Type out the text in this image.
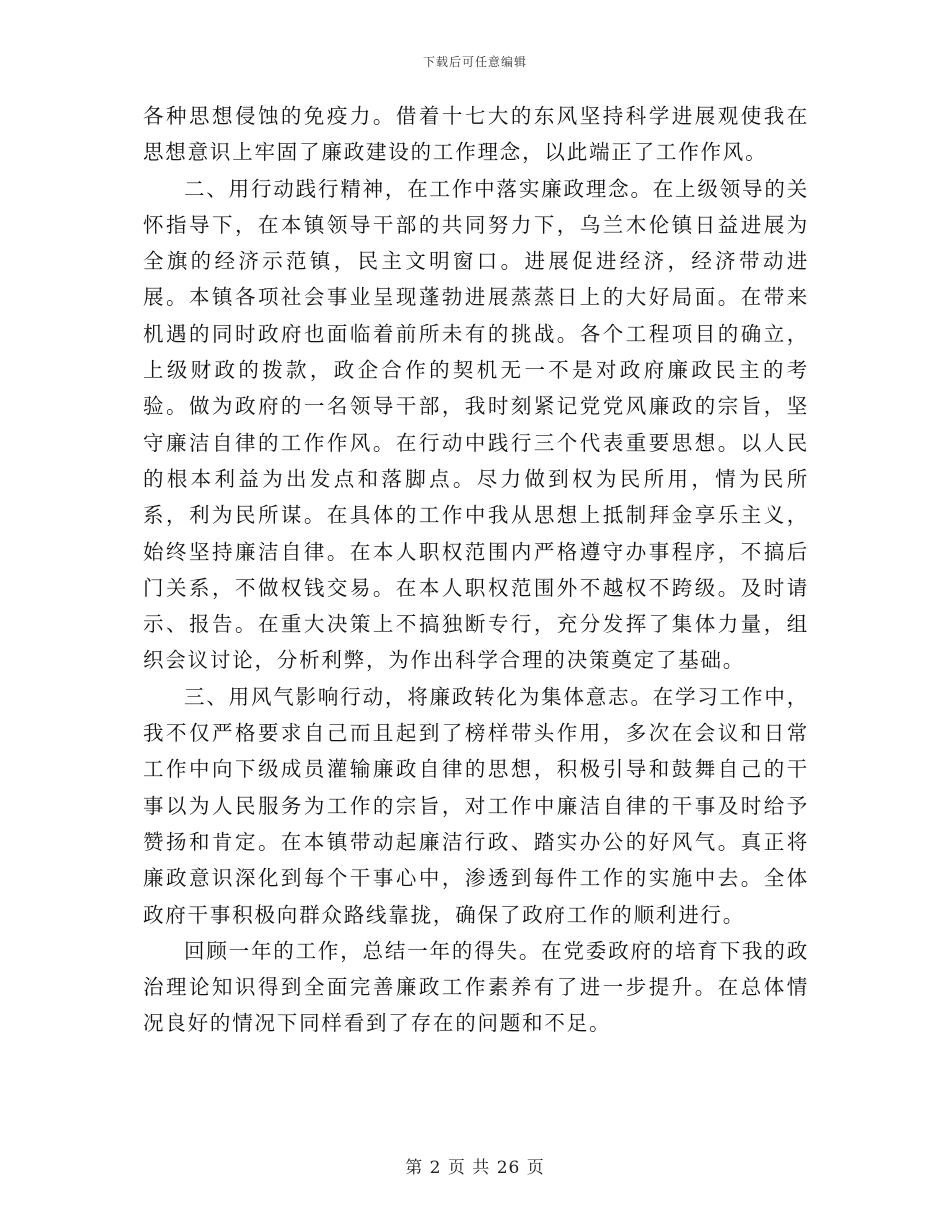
下载后可任意编辑

各种思想侵蚀的免疫力。借着十七大的东风坚持科学进展观使我在思想意识上牢固了廉政建设的工作理念，以此端正了工作作风。

二、用行动践行精神，在工作中落实廉政理念。在上级领导的关怀指导下，在本镇领导干部的共同努力下，乌兰木伦镇日益进展为全旗的经济示范镇，民主文明窗口。进展促进经济，经济带动进展。本镇各项社会事业呈现蓬勃进展蒸蒸日上的大好局面。在带来机遇的同时政府也面临着前所未有的挑战。各个工程项目的确立，上级财政的拨款，政企合作的契机无一不是对政府廉政民主的考验。做为政府的一名领导干部，我时刻紧记党党风廉政的宗旨，坚守廉洁自律的工作作风。在行动中践行三个代表重要思想。以人民的根本利益为出发点和落脚点。尽力做到权为民所用，情为民所系，利为民所谋。在具体的工作中我从思想上抵制拜金享乐主义，始终坚持廉洁自律。在本人职权范围内严格遵守办事程序，不搞后门关系，不做权钱交易。在本人职权范围外不越权不跨级。及时请示、报告。在重大决策上不搞独断专行，充分发挥了集体力量，组织会议讨论，分析利弊，为作出科学合理的决策奠定了基础。

三、用风气影响行动，将廉政转化为集体意志。在学习工作中，我不仅严格要求自己而且起到了榜样带头作用，多次在会议和日常工作中向下级成员灌输廉政自律的思想，积极引导和鼓舞自己的干事以为人民服务为工作的宗旨，对工作中廉洁自律的干事及时给予赞扬和肯定。在本镇带动起廉洁行政、踏实办公的好风气。真正将廉政意识深化到每个干事心中，渗透到每件工作的实施中去。全体政府干事积极向群众路线靠拢，确保了政府工作的顺利进行。

回顾一年的工作，总结一年的得失。在党委政府的培育下我的政治理论知识得到全面完善廉政工作素养有了进一步提升。在总体情况良好的情况下同样看到了存在的问题和不足。

第 2 页 共 26 页
